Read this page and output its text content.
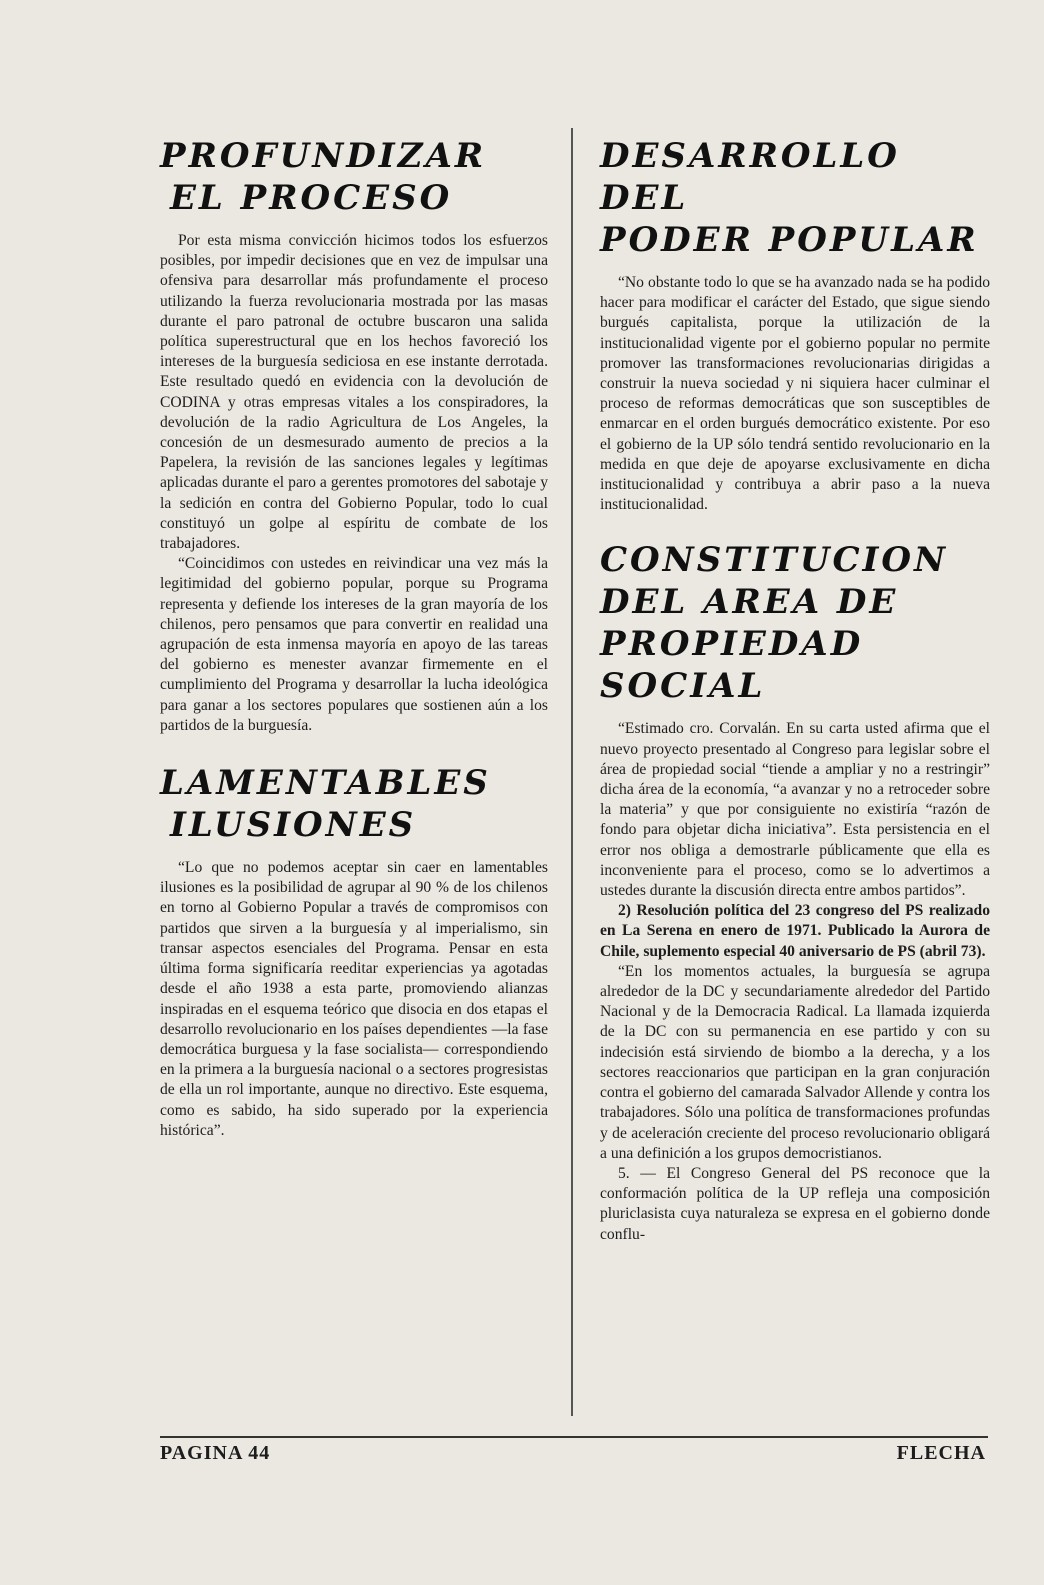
PROFUNDIZAR
EL PROCESO

Por esta misma convicción hicimos todos los esfuerzos posibles, por impedir decisiones que en vez de impulsar una ofensiva para desarrollar más profundamente el proceso utilizando la fuerza revolucionaria mostrada por las masas durante el paro patronal de octubre buscaron una salida política superestructural que en los hechos favoreció los intereses de la burguesía sediciosa en ese instante derrotada. Este resultado quedó en evidencia con la devolución de CODINA y otras empresas vitales a los conspiradores, la devolución de la radio Agricultura de Los Angeles, la concesión de un desmesurado aumento de precios a la Papelera, la revisión de las sanciones legales y legítimas aplicadas durante el paro a gerentes promotores del sabotaje y la sedición en contra del Gobierno Popular, todo lo cual constituyó un golpe al espíritu de combate de los trabajadores.

“Coincidimos con ustedes en reivindicar una vez más la legitimidad del gobierno popular, porque su Programa representa y defiende los intereses de la gran mayoría de los chilenos, pero pensamos que para convertir en realidad una agrupación de esta inmensa mayoría en apoyo de las tareas del gobierno es menester avanzar firmemente en el cumplimiento del Programa y desarrollar la lucha ideológica para ganar a los sectores populares que sostienen aún a los partidos de la burguesía.

LAMENTABLES
ILUSIONES

“Lo que no podemos aceptar sin caer en lamentables ilusiones es la posibilidad de agrupar al 90 % de los chilenos en torno al Gobierno Popular a través de compromisos con partidos que sirven a la burguesía y al imperialismo, sin transar aspectos esenciales del Programa. Pensar en esta última forma significaría reeditar experiencias ya agotadas desde el año 1938 a esta parte, promoviendo alianzas inspiradas en el esquema teórico que disocia en dos etapas el desarrollo revolucionario en los países dependientes —la fase democrática burguesa y la fase socialista— correspondiendo en la primera a la burguesía nacional o a sectores progresistas de ella un rol importante, aunque no directivo. Este esquema, como es sabido, ha sido superado por la experiencia histórica”.

DESARROLLO DEL
PODER POPULAR

“No obstante todo lo que se ha avanzado nada se ha podido hacer para modificar el carácter del Estado, que sigue siendo burgués capitalista, porque la utilización de la institucionalidad vigente por el gobierno popular no permite promover las transformaciones revolucionarias dirigidas a construir la nueva sociedad y ni siquiera hacer culminar el proceso de reformas democráticas que son susceptibles de enmarcar en el orden burgués democrático existente. Por eso el gobierno de la UP sólo tendrá sentido revolucionario en la medida en que deje de apoyarse exclusivamente en dicha institucionalidad y contribuya a abrir paso a la nueva institucionalidad.

CONSTITUCION
DEL AREA DE
PROPIEDAD
SOCIAL

“Estimado cro. Corvalán. En su carta usted afirma que el nuevo proyecto presentado al Congreso para legislar sobre el área de propiedad social “tiende a ampliar y no a restringir” dicha área de la economía, “a avanzar y no a retroceder sobre la materia” y que por consiguiente no existiría “razón de fondo para objetar dicha iniciativa”. Esta persistencia en el error nos obliga a demostrarle públicamente que ella es inconveniente para el proceso, como se lo advertimos a ustedes durante la discusión directa entre ambos partidos”.

2) Resolución política del 23 congreso del PS realizado en La Serena en enero de 1971. Publicado la Aurora de Chile, suplemento especial 40 aniversario de PS (abril 73).

“En los momentos actuales, la burguesía se agrupa alrededor de la DC y secundariamente alrededor del Partido Nacional y de la Democracia Radical. La llamada izquierda de la DC con su permanencia en ese partido y con su indecisión está sirviendo de biombo a la derecha, y a los sectores reaccionarios que participan en la gran conjuración contra el gobierno del camarada Salvador Allende y contra los trabajadores. Sólo una política de transformaciones profundas y de aceleración creciente del proceso revolucionario obligará a una definición a los grupos democristianos.

5. — El Congreso General del PS reconoce que la conformación política de la UP refleja una composición pluriclasista cuya naturaleza se expresa en el gobierno donde conflu-

PAGINA 44	FLECHA
